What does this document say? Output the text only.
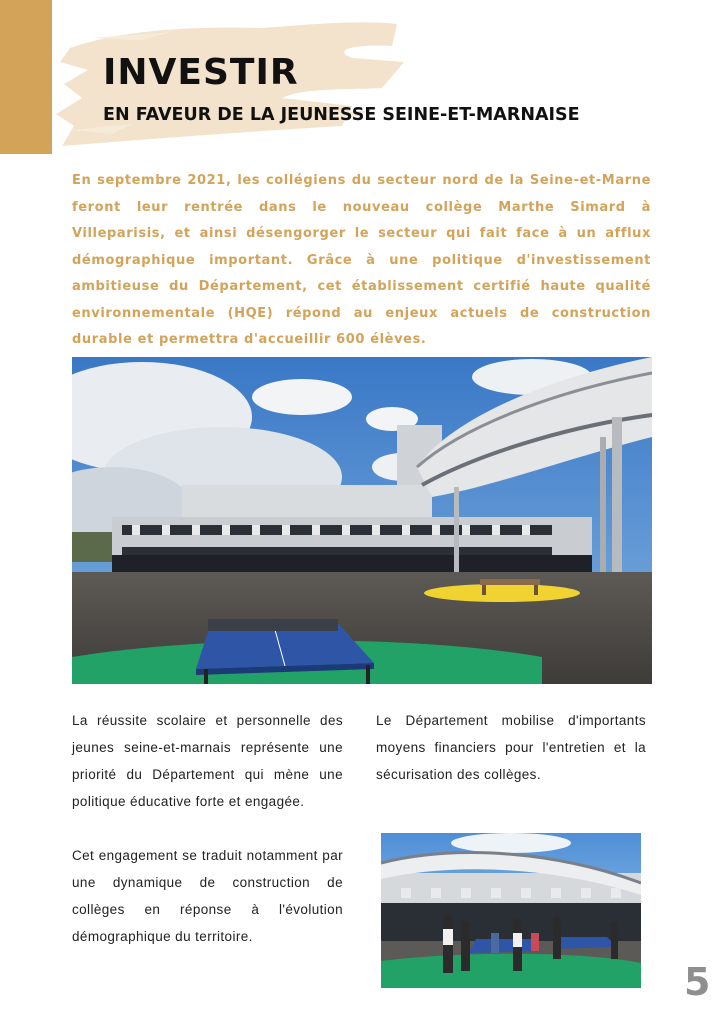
INVESTIR
EN FAVEUR DE LA JEUNESSE SEINE-ET-MARNAISE

En septembre 2021, les collégiens du secteur nord de la Seine-et-Marne feront leur rentrée dans le nouveau collège Marthe Simard à Villeparisis, et ainsi désengorger le secteur qui fait face à un afflux démographique important. Grâce à une politique d'investissement ambitieuse du Département, cet établissement certifié haute qualité environnementale (HQE) répond au enjeux actuels de construction durable et permettra d'accueillir 600 élèves.

La réussite scolaire et personnelle des jeunes seine-et-marnais représente une priorité du Département qui mène une politique éducative forte et engagée.

Cet engagement se traduit notamment par une dynamique de construction de collèges en réponse à l'évolution démographique du territoire.

Le Département mobilise d'importants moyens financiers pour l'entretien et la sécurisation des collèges.

5
